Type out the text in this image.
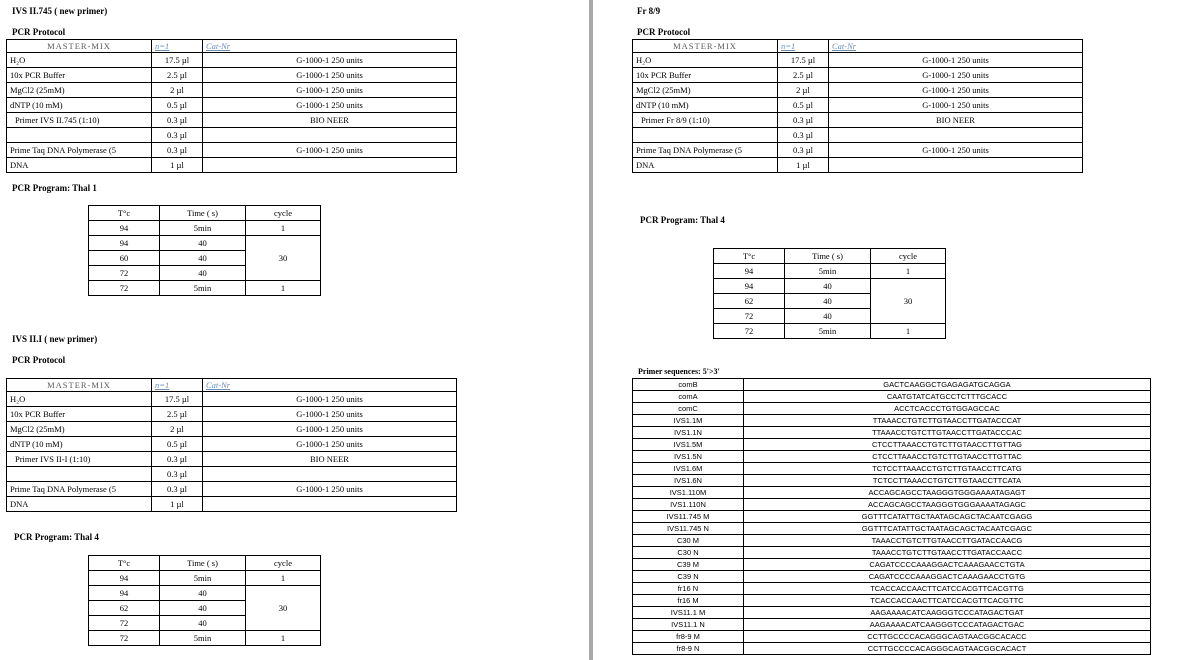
IVS II.745 ( new primer)
PCR Protocol
MASTER-MIX	n=1	Cat-Nr
H₂O	17.5 µl	G-1000-1 250 units
10x PCR Buffer	2.5 µl	G-1000-1 250 units
MgCl2 (25mM)	2 µl	G-1000-1 250 units
dNTP (10 mM)	0.5 µl	G-1000-1 250 units
Primer IVS II.745 (1:10)	0.3 µl	BIO NEER
	0.3 µl	
Prime Taq DNA Polymerase (5	0.3 µl	G-1000-1 250 units
DNA	1 µl	
PCR Program: Thal 1
T°c	Time ( s)	cycle
94	5min	1
94	40	30
60	40	
72	40	
72	5min	1
IVS II.I ( new primer)
PCR Protocol
MASTER-MIX	n=1	Cat-Nr
H₂O	17.5 µl	G-1000-1 250 units
10x PCR Buffer	2.5 µl	G-1000-1 250 units
MgCl2 (25mM)	2 µl	G-1000-1 250 units
dNTP (10 mM)	0.5 µl	G-1000-1 250 units
Primer IVS II-I (1:10)	0.3 µl	BIO NEER
	0.3 µl	
Prime Taq DNA Polymerase (5	0.3 µl	G-1000-1 250 units
DNA	1 µl	
PCR Program: Thal 4
T°c	Time ( s)	cycle
94	5min	1
94	40	30
62	40	
72	40	
72	5min	1
Fr 8/9
PCR Protocol
MASTER-MIX	n=1	Cat-Nr
H₂O	17.5 µl	G-1000-1 250 units
10x PCR Buffer	2.5 µl	G-1000-1 250 units
MgCl2 (25mM)	2 µl	G-1000-1 250 units
dNTP (10 mM)	0.5 µl	G-1000-1 250 units
Primer Fr 8/9 (1:10)	0.3 µl	BIO NEER
	0.3 µl	
Prime Taq DNA Polymerase (5	0.3 µl	G-1000-1 250 units
DNA	1 µl	
PCR Program: Thal 4
T°c	Time ( s)	cycle
94	5min	1
94	40	30
62	40	
72	40	
72	5min	1
Primer sequences: 5'>3'
comB	GACTCAAGGCTGAGAGATGCAGGA
comA	CAATGTATCATGCCTCTTTGCACC
comC	ACCTCACCCTGTGGAGCCAC
IVS1.1M	TTAAACCTGTCTTGTAACCTTGATACCCAT
IVS1.1N	TTAAACCTGTCTTGTAACCTTGATACCCAC
IVS1.5M	CTCCTTAAACCTGTCTTGTAACCTTGTTAG
IVS1.5N	CTCCTTAAACCTGTCTTGTAACCTTGTTAC
IVS1.6M	TCTCCTTAAACCTGTCTTGTAACCTTCATG
IVS1.6N	TCTCCTTAAACCTGTCTTGTAACCTTCATA
IVS1.110M	ACCAGCAGCCTAAGGGTGGGAAAATAGAGT
IVS1.110N	ACCAGCAGCCTAAGGGTGGGAAAATAGAGC
IVS11.745 M	GGTTTCATATTGCTAATAGCAGCTACAATCGAGG
IVS11.745 N	GGTTTCATATTGCTAATAGCAGCTACAATCGAGC
C30 M	TAAACCTGTCTTGTAACCTTGATACCAACG
C30 N	TAAACCTGTCTTGTAACCTTGATACCAACC
C39 M	CAGATCCCCAAAGGACTCAAAGAACCTGTA
C39 N	CAGATCCCCAAAGGACTCAAAGAACCTGTG
fr16 N	TCACCACCAACTTCATCCACGTTCACGTTG
fr16 M	TCACCACCAACTTCATCCACGTTCACGTTC
IVS11.1 M	AAGAAAACATCAAGGGTCCCATAGACTGAT
IVS11.1 N	AAGAAAACATCAAGGGTCCCATAGACTGAC
fr8-9 M	CCTTGCCCCACAGGGCAGTAACGGCACACC
fr8-9 N	CCTTGCCCCACAGGGCAGTAACGGCACACT
